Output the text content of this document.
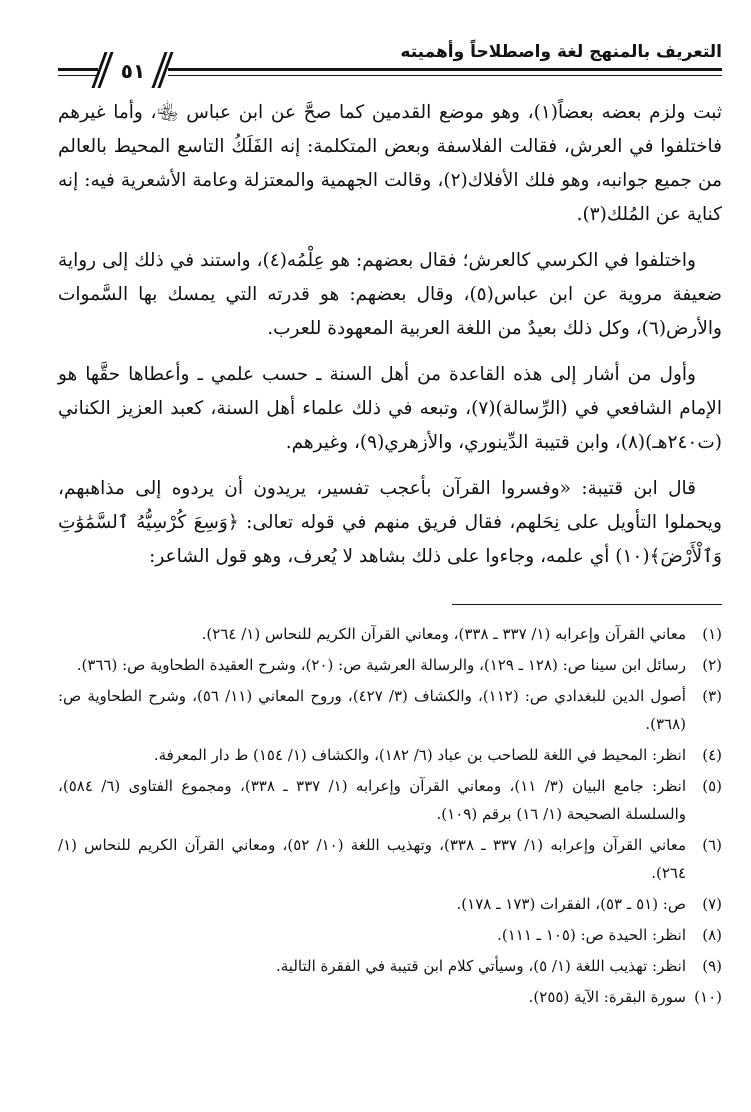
التعريف بالمنهج لغة واصطلاحاً وأهميته
٥١

ثبت ولزم بعضه بعضاً(١)، وهو موضع القدمين كما صحَّ عن ابن عباس ﵄، وأما غيرهم فاختلفوا في العرش، فقالت الفلاسفة وبعض المتكلمة: إنه الفَلَكُ التاسع المحيط بالعالم من جميع جوانبه، وهو فلك الأفلاك(٢)، وقالت الجهمية والمعتزلة وعامة الأشعرية فيه: إنه كناية عن المُلك(٣).

واختلفوا في الكرسي كالعرش؛ فقال بعضهم: هو عِلْمُه(٤)، واستند في ذلك إلى رواية ضعيفة مروية عن ابن عباس(٥)، وقال بعضهم: هو قدرته التي يمسك بها السَّموات والأرض(٦)، وكل ذلك بعيدٌ من اللغة العربية المعهودة للعرب.

وأول من أشار إلى هذه القاعدة من أهل السنة ـ حسب علمي ـ وأعطاها حقَّها هو الإمام الشافعي في (الرِّسالة)(٧)، وتبعه في ذلك علماء أهل السنة، كعبد العزيز الكناني (ت٢٤٠هـ)(٨)، وابن قتيبة الدِّينوري، والأزهري(٩)، وغيرهم.

قال ابن قتيبة: «وفسروا القرآن بأعجب تفسير، يريدون أن يردوه إلى مذاهبهم، ويحملوا التأويل على نِحَلهم، فقال فريق منهم في قوله تعالى: ﴿وَسِعَ كُرْسِيُّهُ ٱلسَّمَٰوَٰتِ وَٱلْأَرْضَ﴾(١٠) أي علمه، وجاءوا على ذلك بشاهد لا يُعرف، وهو قول الشاعر:

(١)
معاني القرآن وإعرابه (١/ ٣٣٧ ـ ٣٣٨)، ومعاني القرآن الكريم للنحاس (١/ ٢٦٤).
(٢)
رسائل ابن سينا ص: (١٢٨ ـ ١٢٩)، والرسالة العرشية ص: (٢٠)، وشرح العقيدة الطحاوية ص: (٣٦٦).
(٣)
أصول الدين للبغدادي ص: (١١٢)، والكشاف (٣/ ٤٢٧)، وروح المعاني (١١/ ٥٦)، وشرح الطحاوية ص: (٣٦٨).
(٤)
انظر: المحيط في اللغة للصاحب بن عباد (٦/ ١٨٢)، والكشاف (١/ ١٥٤) ط دار المعرفة.
(٥)
انظر: جامع البيان (٣/ ١١)، ومعاني القرآن وإعرابه (١/ ٣٣٧ ـ ٣٣٨)، ومجموع الفتاوى (٦/ ٥٨٤)، والسلسلة الصحيحة (١/ ١٦) برقم (١٠٩).
(٦)
معاني القرآن وإعرابه (١/ ٣٣٧ ـ ٣٣٨)، وتهذيب اللغة (١٠/ ٥٢)، ومعاني القرآن الكريم للنحاس (١/ ٢٦٤).
(٧)
ص: (٥١ ـ ٥٣)، الفقرات (١٧٣ ـ ١٧٨).
(٨)
انظر: الحيدة ص: (١٠٥ ـ ١١١).
(٩)
انظر: تهذيب اللغة (١/ ٥)، وسيأتي كلام ابن قتيبة في الفقرة التالية.
(١٠)
سورة البقرة: الآية (٢٥٥).
